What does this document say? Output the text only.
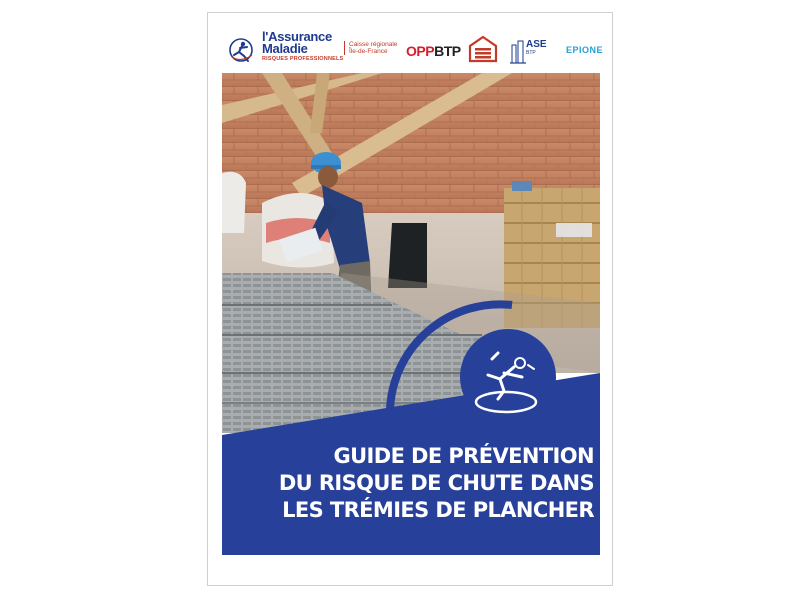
l'Assurance
Maladie
RISQUES PROFESSIONNELS
Caisse régionale
Île-de-France	OPPBTP	ASE
BTP	EPIONE
GUIDE DE PRÉVENTION
DU RISQUE DE CHUTE DANS
LES TRÉMIES DE PLANCHER
